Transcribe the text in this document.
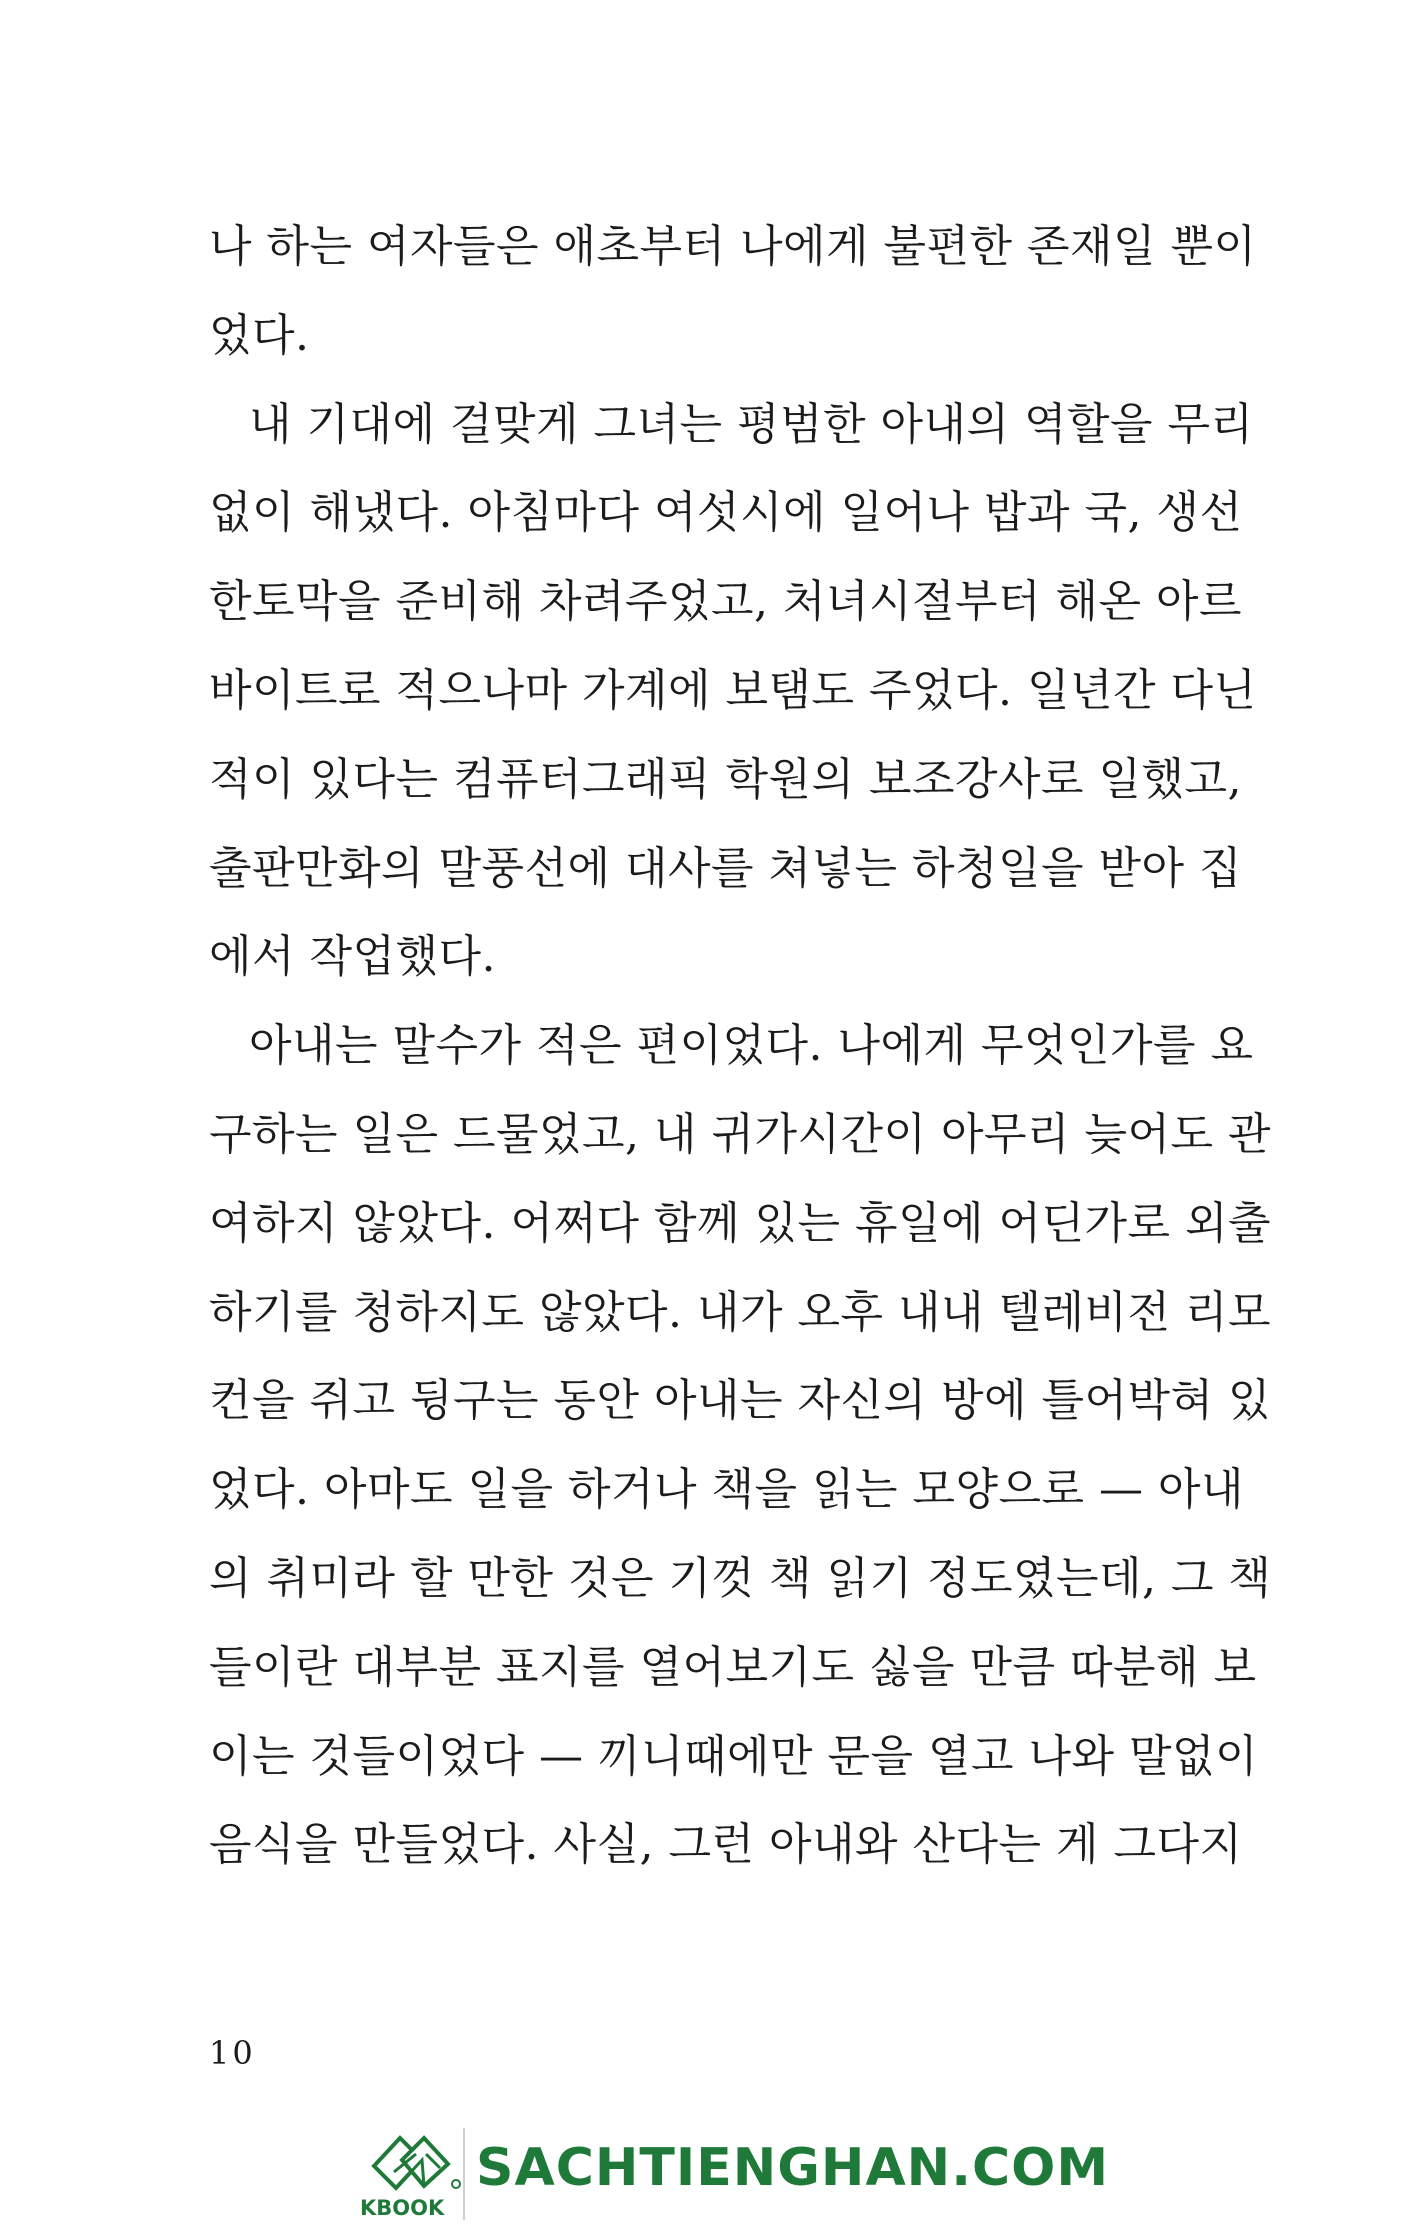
나 하는 여자들은 애초부터 나에게 불편한 존재일 뿐이
었다.
내 기대에 걸맞게 그녀는 평범한 아내의 역할을 무리
없이 해냈다. 아침마다 여섯시에 일어나 밥과 국, 생선
한토막을 준비해 차려주었고, 처녀시절부터 해온 아르
바이트로 적으나마 가계에 보탬도 주었다. 일년간 다닌
적이 있다는 컴퓨터그래픽 학원의 보조강사로 일했고,
출판만화의 말풍선에 대사를 쳐넣는 하청일을 받아 집
에서 작업했다.
아내는 말수가 적은 편이었다. 나에게 무엇인가를 요
구하는 일은 드물었고, 내 귀가시간이 아무리 늦어도 관
여하지 않았다. 어쩌다 함께 있는 휴일에 어딘가로 외출
하기를 청하지도 않았다. 내가 오후 내내 텔레비전 리모
컨을 쥐고 뒹구는 동안 아내는 자신의 방에 틀어박혀 있
었다. 아마도 일을 하거나 책을 읽는 모양으로 — 아내
의 취미라 할 만한 것은 기껏 책 읽기 정도였는데, 그 책
들이란 대부분 표지를 열어보기도 싫을 만큼 따분해 보
이는 것들이었다 — 끼니때에만 문을 열고 나와 말없이
음식을 만들었다. 사실, 그런 아내와 산다는 게 그다지
10
KBOOK
SACHTIENGHAN.COM
